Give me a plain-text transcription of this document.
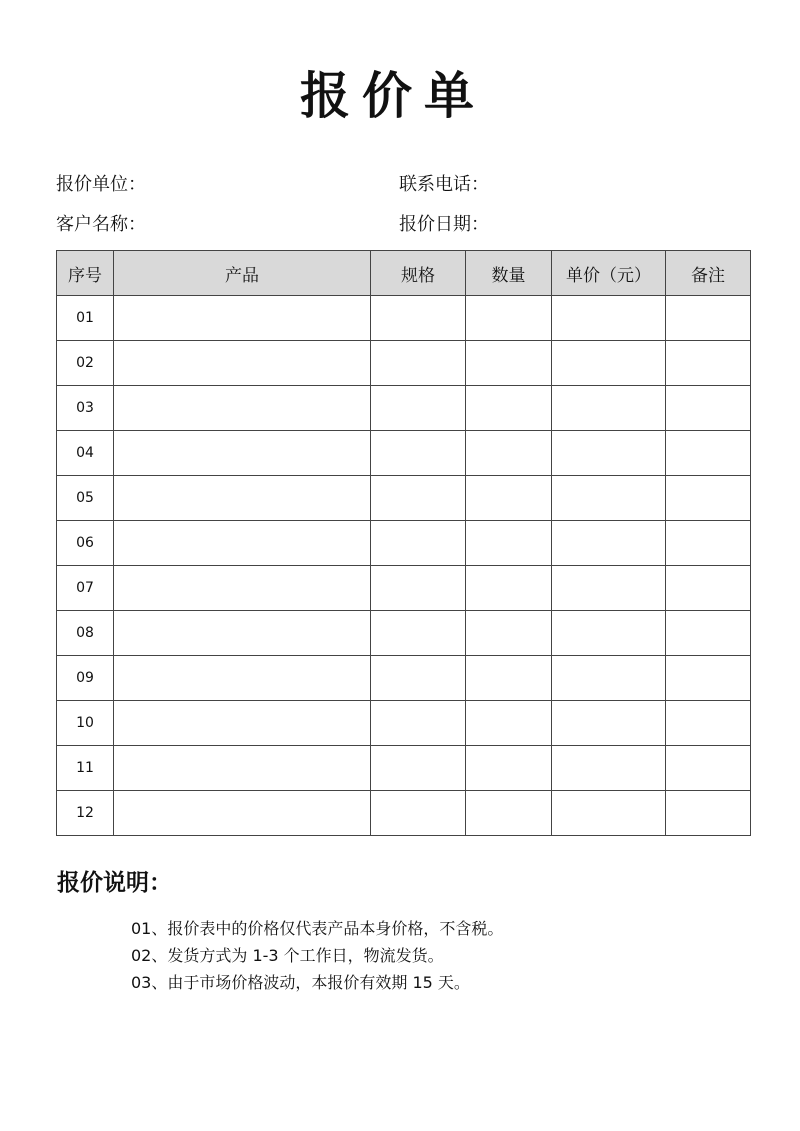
报价单
报价单位：	联系电话：
客户名称：	报价日期：
序号	产品	规格	数量	单价（元）	备注
01					
02					
03					
04					
05					
06					
07					
08					
09					
10					
11					
12					
报价说明：
01、报价表中的价格仅代表产品本身价格，不含税。
02、发货方式为 1-3 个工作日，物流发货。
03、由于市场价格波动，本报价有效期 15 天。
